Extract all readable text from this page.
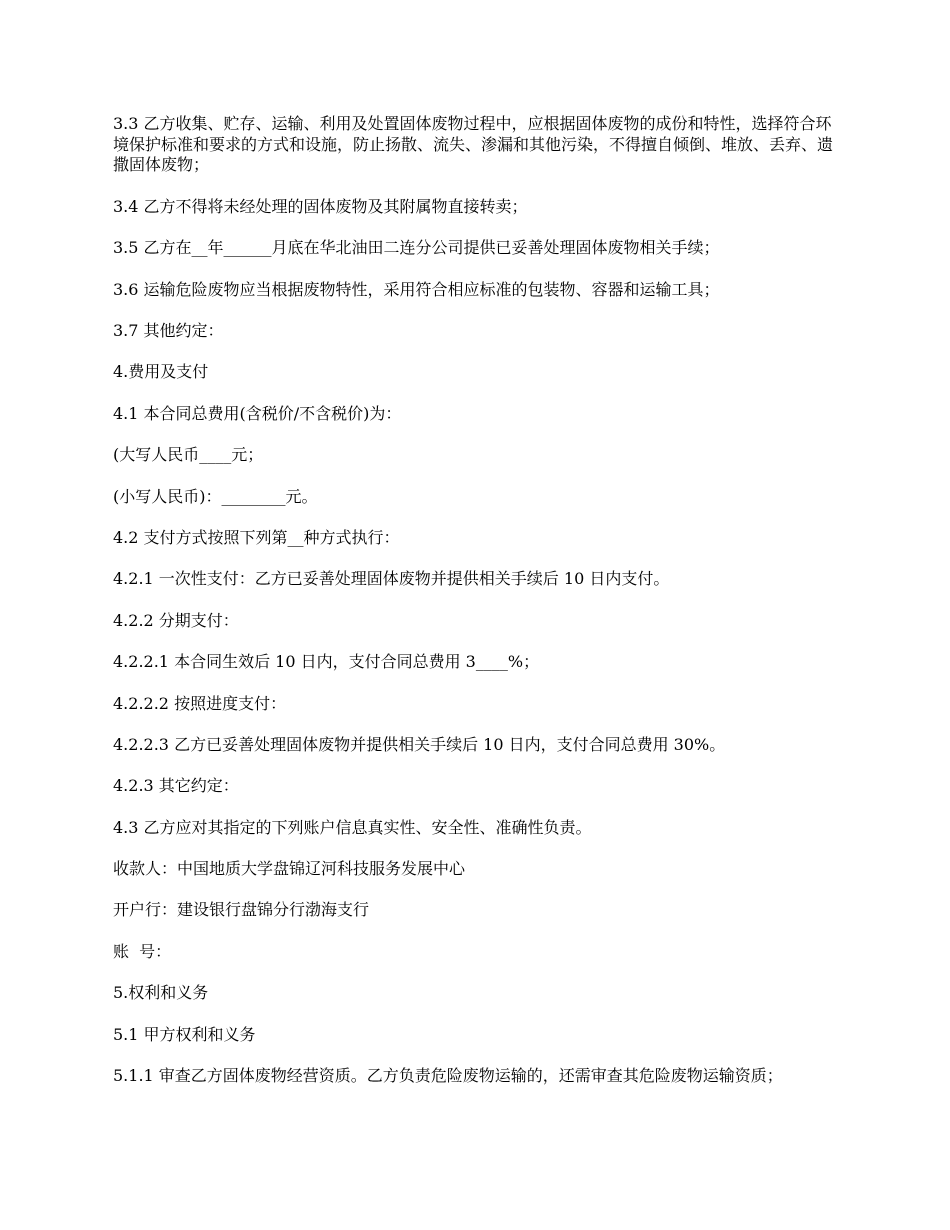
3.3 乙方收集、贮存、运输、利用及处置固体废物过程中，应根据固体废物的成份和特性，选择符合环境保护标准和要求的方式和设施，防止扬散、流失、渗漏和其他污染，不得擅自倾倒、堆放、丢弃、遗撒固体废物；

3.4 乙方不得将未经处理的固体废物及其附属物直接转卖；

3.5 乙方在__年______月底在华北油田二连分公司提供已妥善处理固体废物相关手续；

3.6 运输危险废物应当根据废物特性，采用符合相应标准的包装物、容器和运输工具；

3.7 其他约定：

4.费用及支付

4.1 本合同总费用(含税价/不含税价)为：

(大写人民币____元；

(小写人民币)：________元。

4.2 支付方式按照下列第__种方式执行：

4.2.1 一次性支付：乙方已妥善处理固体废物并提供相关手续后 10 日内支付。

4.2.2 分期支付：

4.2.2.1 本合同生效后 10 日内，支付合同总费用 3____%；

4.2.2.2 按照进度支付：

4.2.2.3 乙方已妥善处理固体废物并提供相关手续后 10 日内，支付合同总费用 30%。

4.2.3 其它约定：

4.3 乙方应对其指定的下列账户信息真实性、安全性、准确性负责。

收款人：中国地质大学盘锦辽河科技服务发展中心

开户行：建设银行盘锦分行渤海支行

账  号：

5.权利和义务

5.1 甲方权利和义务

5.1.1 审查乙方固体废物经营资质。乙方负责危险废物运输的，还需审查其危险废物运输资质；
